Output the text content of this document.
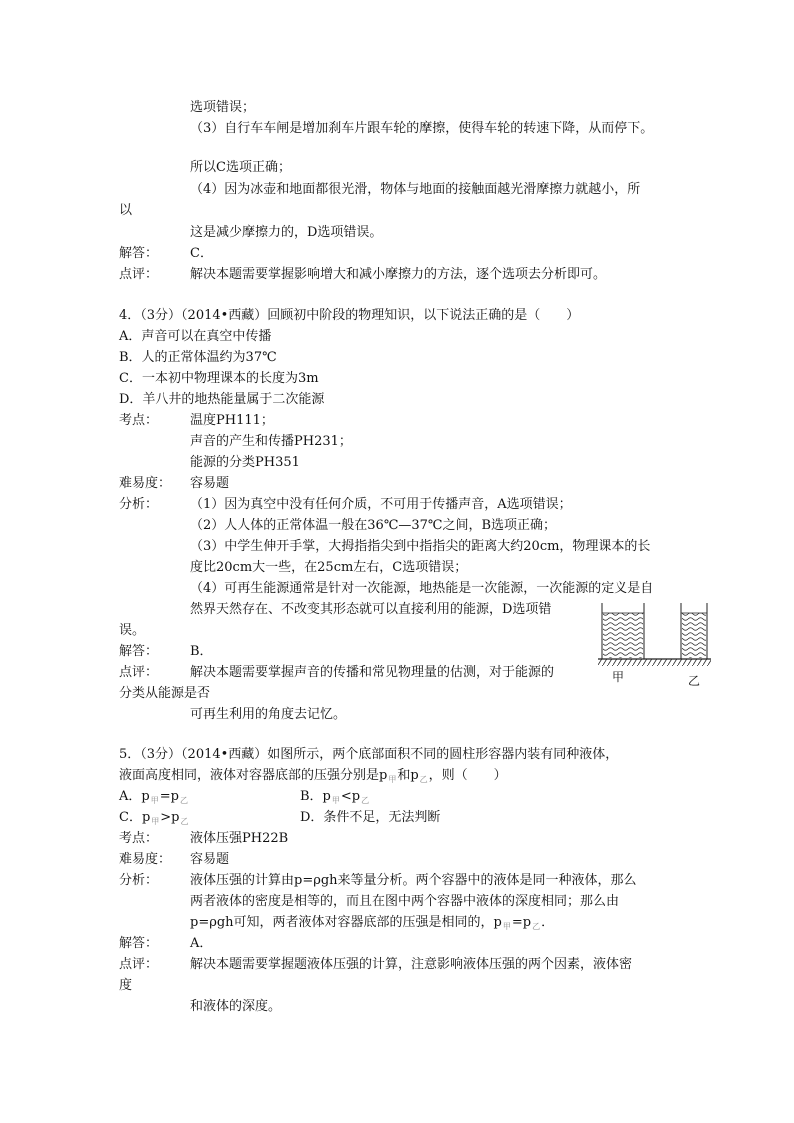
选项错误；
（3）自行车车闸是增加刹车片跟车轮的摩擦，使得车轮的转速下降，从而停下。
所以C选项正确；
（4）因为冰壶和地面都很光滑，物体与地面的接触面越光滑摩擦力就越小，所
以
这是减少摩擦力的，D选项错误。
解答： C．
点评： 解决本题需要掌握影响增大和减小摩擦力的方法，逐个选项去分析即可。
4．（3分）（2014•西藏）回顾初中阶段的物理知识，以下说法正确的是（　　）
A．声音可以在真空中传播
B．人的正常体温约为37℃
C．一本初中物理课本的长度为3m
D．羊八井的地热能量属于二次能源
考点： 温度PH111；
声音的产生和传播PH231；
能源的分类PH351
难易度： 容易题
分析： （1）因为真空中没有任何介质，不可用于传播声音，A选项错误；
（2）人人体的正常体温一般在36℃—37℃之间，B选项正确；
（3）中学生伸开手掌，大拇指指尖到中指指尖的距离大约20cm，物理课本的长
度比20cm大一些，在25cm左右，C选项错误；
（4）可再生能源通常是针对一次能源，地热能是一次能源，一次能源的定义是自
然界天然存在、不改变其形态就可以直接利用的能源，D选项错
误。
解答： B．
点评： 解决本题需要掌握声音的传播和常见物理量的估测，对于能源的
分类从能源是否
可再生利用的角度去记忆。
5．（3分）（2014•西藏）如图所示，两个底部面积不同的圆柱形容器内装有同种液体，
液面高度相同，液体对容器底部的压强分别是$p_甲$和$p_乙$，则（　　）
A．$p_甲=p_乙$	B．$p_甲<p_乙$
C．$p_甲>p_乙$	D．条件不足，无法判断
考点： 液体压强PH22B
难易度： 容易题
分析： 液体压强的计算由p=ρgh来等量分析。两个容器中的液体是同一种液体，那么
两者液体的密度是相等的，而且在图中两个容器中液体的深度相同；那么由
p=ρgh可知，两者液体对容器底部的压强是相同的，$p_甲=p_乙$．
解答： A．
点评： 解决本题需要掌握题液体压强的计算，注意影响液体压强的两个因素，液体密
度
和液体的深度。
甲	乙
